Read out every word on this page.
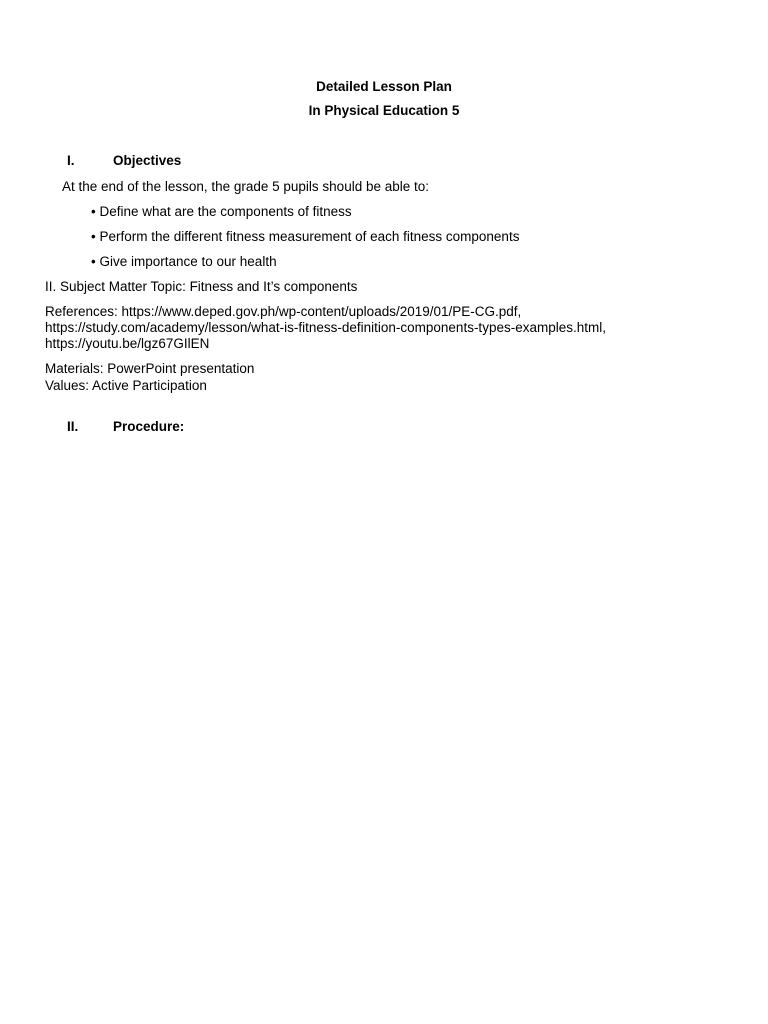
Detailed Lesson Plan
In Physical Education 5
I.	Objectives
At the end of the lesson, the grade 5 pupils should be able to:
• Define what are the components of fitness
• Perform the different fitness measurement of each fitness components
• Give importance to our health
II. Subject Matter Topic: Fitness and It’s components
References: https://www.deped.gov.ph/wp-content/uploads/2019/01/PE-CG.pdf,
https://study.com/academy/lesson/what-is-fitness-definition-components-types-examples.html,
https://youtu.be/lgz67GIlEN
Materials: PowerPoint presentation
Values: Active Participation
II.	Procedure:
